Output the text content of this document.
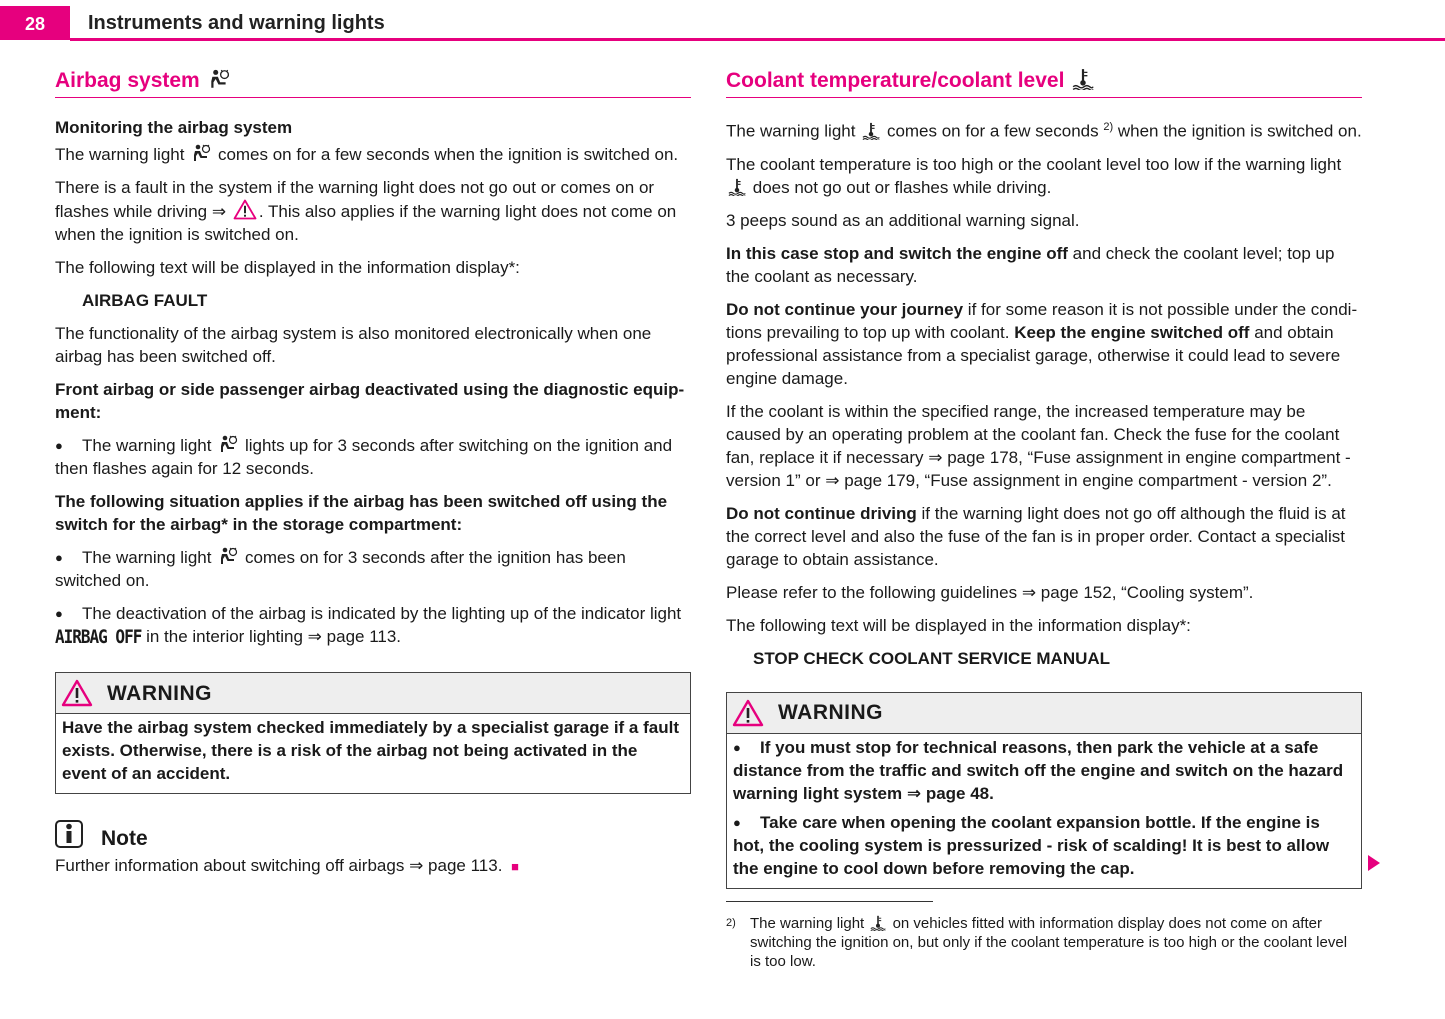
28	Instruments and warning lights
Airbag system

Monitoring the airbag system

The warning light comes on for a few seconds when the ignition is switched on.

There is a fault in the system if the warning light does not go out or comes on or flashes while driving ⇒ . This also applies if the warning light does not come on when the ignition is switched on.

The following text will be displayed in the information display*:

AIRBAG FAULT

The functionality of the airbag system is also monitored electronically when one airbag has been switched off.

Front airbag or side passenger airbag deactivated using the diagnostic equip-ment:

●The warning light lights up for 3 seconds after switching on the ignition and then flashes again for 12 seconds.

The following situation applies if the airbag has been switched off using the switch for the airbag* in the storage compartment:

●The warning light comes on for 3 seconds after the ignition has been switched on.

●The deactivation of the airbag is indicated by the lighting up of the indicator light AIRBAG OFF in the interior lighting ⇒ page 113.

WARNING

Have the airbag system checked immediately by a specialist garage if a fault exists. Otherwise, there is a risk of the airbag not being activated in the event of an accident.

Note

Further information about switching off airbags ⇒ page 113. ■

Coolant temperature/coolant level

The warning light comes on for a few seconds $^{2)}$ when the ignition is switched on.

The coolant temperature is too high or the coolant level too low if the warning light  does not go out or flashes while driving.

3 peeps sound as an additional warning signal.

In this case stop and switch the engine off and check the coolant level; top up the coolant as necessary.

Do not continue your journey if for some reason it is not possible under the condi-tions prevailing to top up with coolant. Keep the engine switched off and obtain professional assistance from a specialist garage, otherwise it could lead to severe engine damage.

If the coolant is within the specified range, the increased temperature may be caused by an operating problem at the coolant fan. Check the fuse for the coolant fan, replace it if necessary ⇒ page 178, “Fuse assignment in engine compartment - version 1” or ⇒ page 179, “Fuse assignment in engine compartment - version 2”.

Do not continue driving if the warning light does not go off although the fluid is at the correct level and also the fuse of the fan is in proper order. Contact a specialist garage to obtain assistance.

Please refer to the following guidelines ⇒ page 152, “Cooling system”.

The following text will be displayed in the information display*:

STOP CHECK COOLANT SERVICE MANUAL

WARNING

●If you must stop for technical reasons, then park the vehicle at a safe distance from the traffic and switch off the engine and switch on the hazard warning light system ⇒ page 48.

●Take care when opening the coolant expansion bottle. If the engine is hot, the cooling system is pressurized - risk of scalding! It is best to allow the engine to cool down before removing the cap.

2) The warning light on vehicles fitted with information display does not come on after switching the ignition on, but only if the coolant temperature is too high or the coolant level is too low.
